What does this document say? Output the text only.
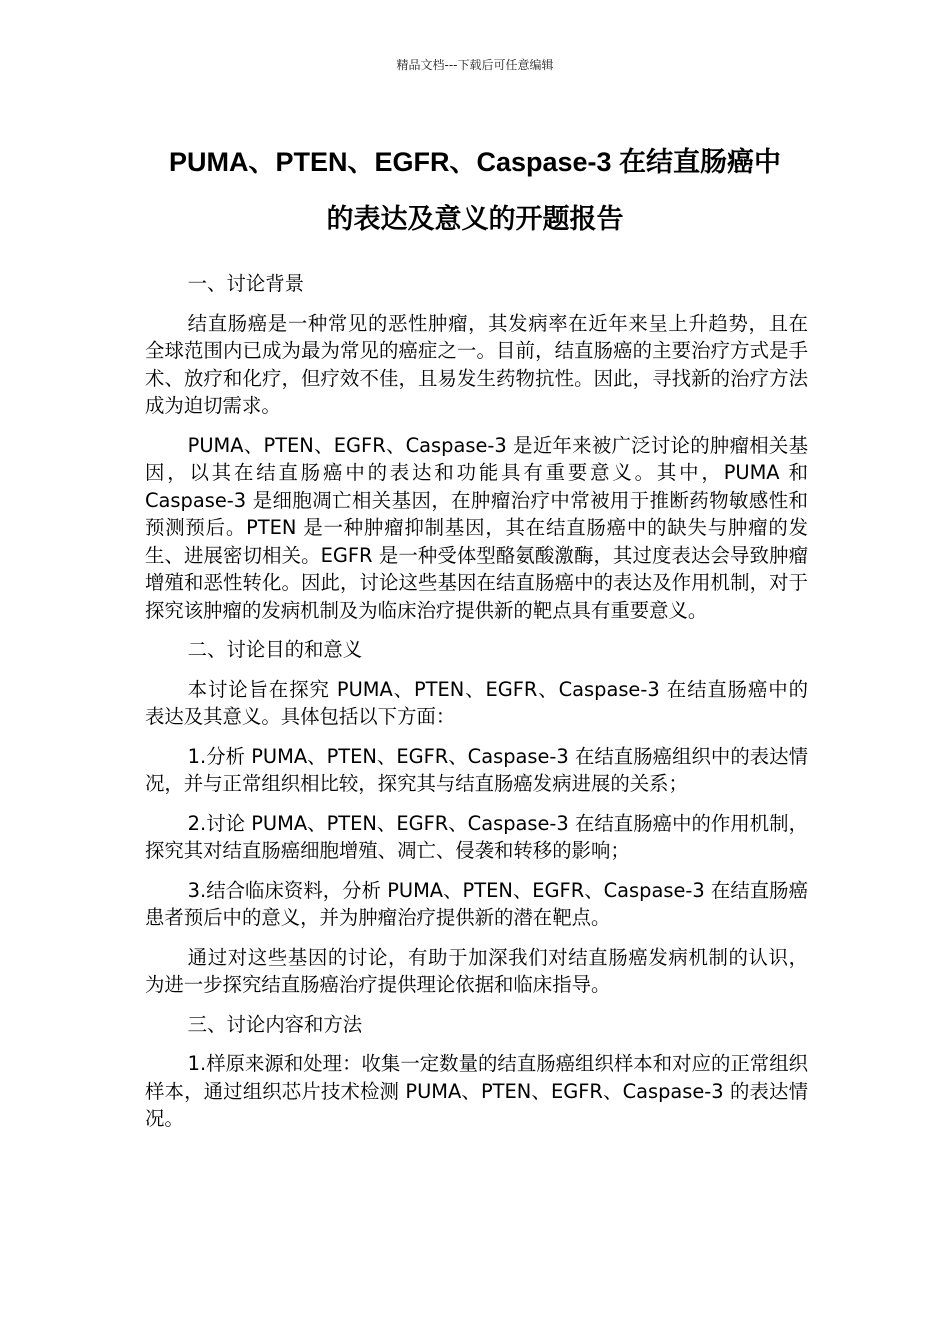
精品文档---下载后可任意编辑
PUMA、PTEN、EGFR、Caspase-3 在结直肠癌中
的表达及意义的开题报告

一、讨论背景

结直肠癌是一种常见的恶性肿瘤，其发病率在近年来呈上升趋势，且在全球范围内已成为最为常见的癌症之一。目前，结直肠癌的主要治疗方式是手术、放疗和化疗，但疗效不佳，且易发生药物抗性。因此，寻找新的治疗方法成为迫切需求。

PUMA、PTEN、EGFR、Caspase-3 是近年来被广泛讨论的肿瘤相关基因，以其在结直肠癌中的表达和功能具有重要意义。其中，PUMA 和 Caspase-3 是细胞凋亡相关基因，在肿瘤治疗中常被用于推断药物敏感性和预测预后。PTEN 是一种肿瘤抑制基因，其在结直肠癌中的缺失与肿瘤的发生、进展密切相关。EGFR 是一种受体型酪氨酸激酶，其过度表达会导致肿瘤增殖和恶性转化。因此，讨论这些基因在结直肠癌中的表达及作用机制，对于探究该肿瘤的发病机制及为临床治疗提供新的靶点具有重要意义。

二、讨论目的和意义

本讨论旨在探究 PUMA、PTEN、EGFR、Caspase-3 在结直肠癌中的表达及其意义。具体包括以下方面：

1.分析 PUMA、PTEN、EGFR、Caspase-3 在结直肠癌组织中的表达情况，并与正常组织相比较，探究其与结直肠癌发病进展的关系；

2.讨论 PUMA、PTEN、EGFR、Caspase-3 在结直肠癌中的作用机制，探究其对结直肠癌细胞增殖、凋亡、侵袭和转移的影响；

3.结合临床资料，分析 PUMA、PTEN、EGFR、Caspase-3 在结直肠癌患者预后中的意义，并为肿瘤治疗提供新的潜在靶点。

通过对这些基因的讨论，有助于加深我们对结直肠癌发病机制的认识，为进一步探究结直肠癌治疗提供理论依据和临床指导。

三、讨论内容和方法

1.样原来源和处理：收集一定数量的结直肠癌组织样本和对应的正常组织样本，通过组织芯片技术检测 PUMA、PTEN、EGFR、Caspase-3 的表达情况。
